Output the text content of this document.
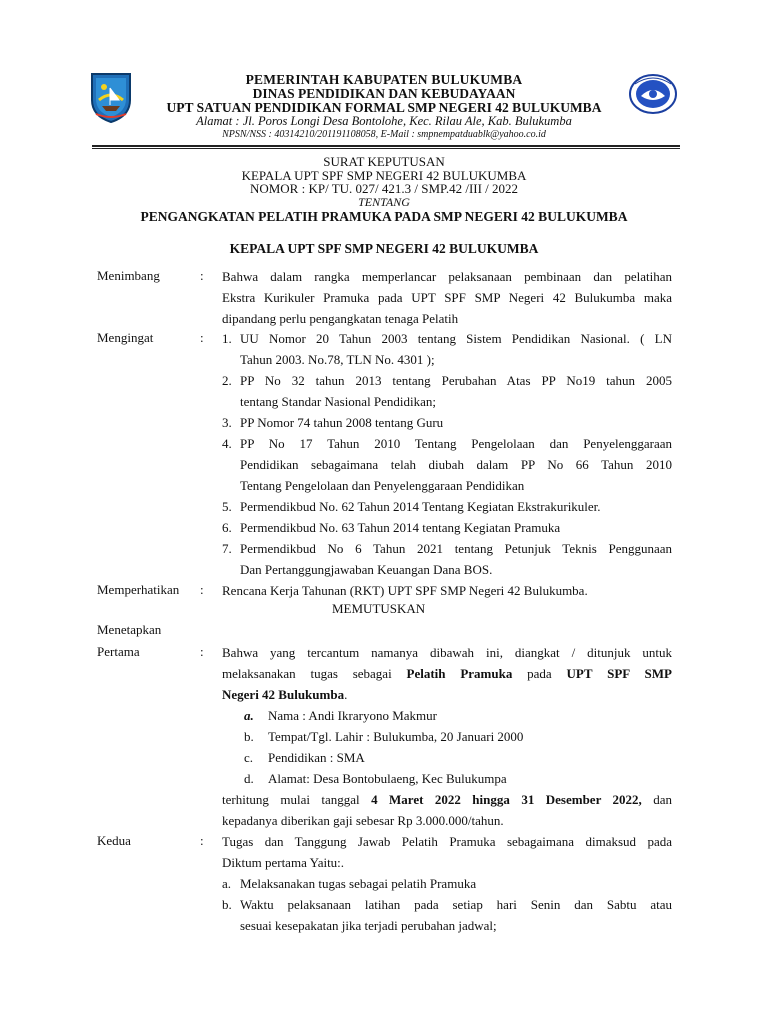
PEMERINTAH KABUPATEN BULUKUMBA
DINAS PENDIDIKAN DAN KEBUDAYAAN
UPT SATUAN PENDIDIKAN FORMAL SMP NEGERI 42 BULUKUMBA
Alamat : Jl. Poros Longi Desa Bontolohe, Kec. Rilau Ale, Kab. Bulukumba
NPSN/NSS : 40314210/201191108058, E-Mail : smpnempatduablk@yahoo.co.id
SURAT KEPUTUSAN
KEPALA UPT SPF SMP NEGERI 42 BULUKUMBA
NOMOR : KP/ TU. 027/ 421.3 / SMP.42 /III / 2022
TENTANG
PENGANGKATAN PELATIH PRAMUKA PADA SMP NEGERI 42 BULUKUMBA
KEPALA UPT SPF SMP NEGERI 42 BULUKUMBA
Menimbang	: Bahwa dalam rangka memperlancar pelaksanaan pembinaan dan pelatihan
Ekstra Kurikuler Pramuka pada UPT SPF SMP Negeri 42 Bulukumba maka
dipandang perlu pengangkatan tenaga Pelatih
Mengingat	: 1. UU Nomor 20 Tahun 2003 tentang Sistem Pendidikan Nasional. ( LN
Tahun 2003. No.78, TLN No. 4301 );
2. PP No 32 tahun 2013 tentang Perubahan Atas PP No19 tahun 2005
tentang Standar Nasional Pendidikan;
3. PP Nomor 74 tahun 2008 tentang Guru
4. PP No 17 Tahun 2010 Tentang Pengelolaan dan Penyelenggaraan
Pendidikan sebagaimana telah diubah dalam PP No 66 Tahun 2010
Tentang Pengelolaan dan Penyelenggaraan Pendidikan
5. Permendikbud No. 62 Tahun 2014 Tentang Kegiatan Ekstrakurikuler.
6. Permendikbud No. 63 Tahun 2014 tentang Kegiatan Pramuka
7. Permendikbud No 6 Tahun 2021 tentang Petunjuk Teknis Penggunaan
Dan Pertanggungjawaban Keuangan Dana BOS.
Memperhatikan : Rencana Kerja Tahunan (RKT) UPT SPF SMP Negeri 42 Bulukumba.
MEMUTUSKAN
Menetapkan
Pertama	: Bahwa yang tercantum namanya dibawah ini, diangkat / ditunjuk untuk
melaksanakan tugas sebagai Pelatih Pramuka pada UPT SPF SMP
Negeri 42 Bulukumba.
a.	Nama : Andi Ikraryono Makmur
b.	Tempat/Tgl. Lahir : Bulukumba, 20 Januari 2000
c.	Pendidikan : SMA
d.	Alamat: Desa Bontobulaeng, Kec Bulukumpa
terhitung mulai tanggal 4 Maret 2022 hingga 31 Desember 2022, dan
kepadanya diberikan gaji sebesar Rp 3.000.000/tahun.
Kedua	: Tugas dan Tanggung Jawab Pelatih Pramuka sebagaimana dimaksud pada
Diktum pertama Yaitu:.
a. Melaksanakan tugas sebagai pelatih Pramuka
b. Waktu pelaksanaan latihan pada setiap hari Senin dan Sabtu atau
sesuai kesepakatan jika terjadi perubahan jadwal;
